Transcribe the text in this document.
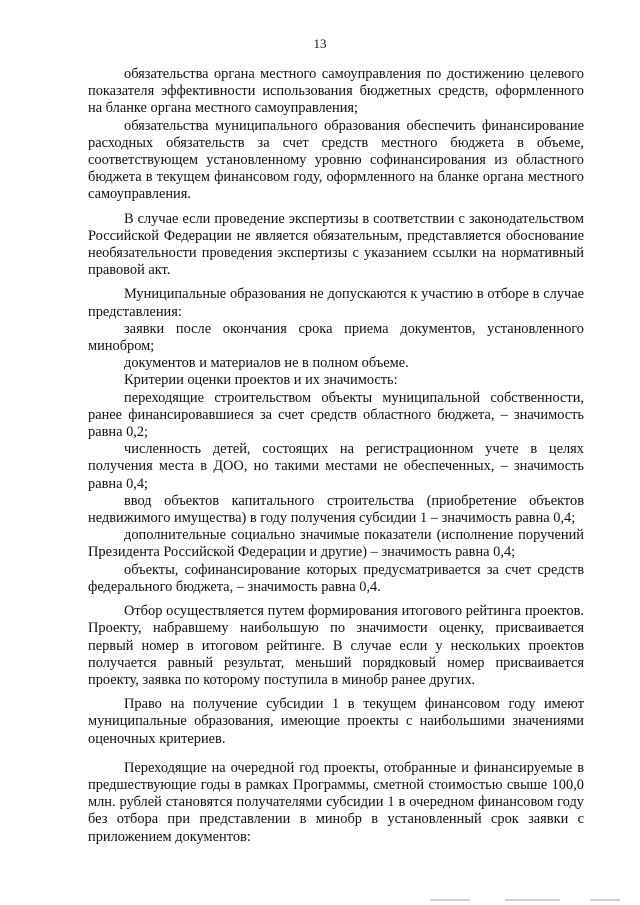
13

обязательства органа местного самоуправления по достижению целевого показателя эффективности использования бюджетных средств, оформленного на бланке органа местного самоуправления;

обязательства муниципального образования обеспечить финансирование расходных обязательств за счет средств местного бюджета в объеме, соответствующем установленному уровню софинансирования из областного бюджета в текущем финансовом году, оформленного на бланке органа местного самоуправления.

В случае если проведение экспертизы в соответствии с законодательством Российской Федерации не является обязательным, представляется обоснование необязательности проведения экспертизы с указанием ссылки на нормативный правовой акт.

Муниципальные образования не допускаются к участию в отборе в случае представления:

заявки после окончания срока приема документов, установленного минобром;

документов и материалов не в полном объеме.

Критерии оценки проектов и их значимость:

переходящие строительством объекты муниципальной собственности, ранее финансировавшиеся за счет средств областного бюджета, – значимость равна 0,2;

численность детей, состоящих на регистрационном учете в целях получения места в ДОО, но такими местами не обеспеченных, – значимость равна 0,4;

ввод объектов капитального строительства (приобретение объектов недвижимого имущества) в году получения субсидии 1 – значимость равна 0,4;

дополнительные социально значимые показатели (исполнение поручений Президента Российской Федерации и другие) – значимость равна 0,4;

объекты, софинансирование которых предусматривается за счет средств федерального бюджета, – значимость равна 0,4.

Отбор осуществляется путем формирования итогового рейтинга проектов. Проекту, набравшему наибольшую по значимости оценку, присваивается первый номер в итоговом рейтинге. В случае если у нескольких проектов получается равный результат, меньший порядковый номер присваивается проекту, заявка по которому поступила в минобр ранее других.

Право на получение субсидии 1 в текущем финансовом году имеют муниципальные образования, имеющие проекты с наибольшими значениями оценочных критериев.

Переходящие на очередной год проекты, отобранные и финансируемые в предшествующие годы в рамках Программы, сметной стоимостью свыше 100,0 млн. рублей становятся получателями субсидии 1 в очередном финансовом году без отбора при представлении в минобр в установленный срок заявки с приложением документов:
